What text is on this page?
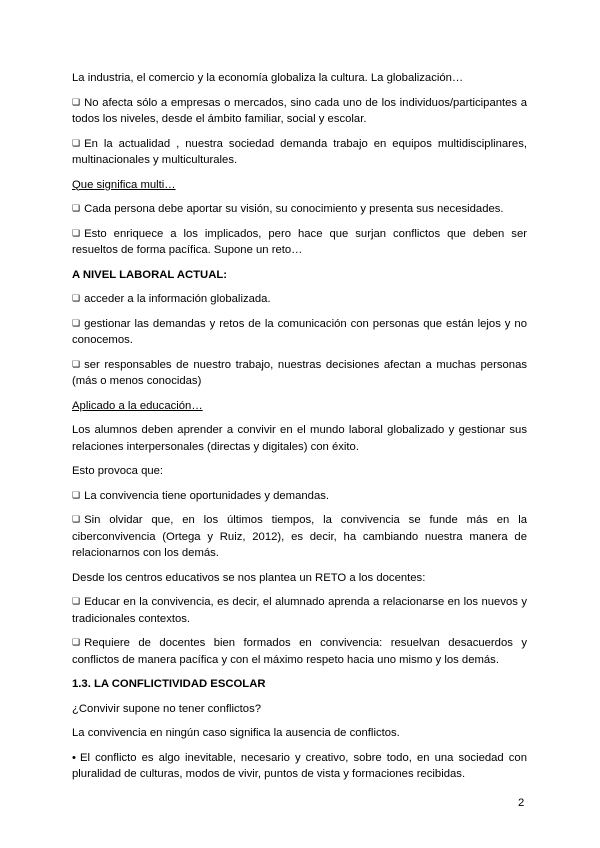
La industria, el comercio y la economía globaliza la cultura. La globalización…

❏ No afecta sólo a empresas o mercados, sino cada uno de los individuos/participantes a todos los niveles, desde el ámbito familiar, social y escolar.

❏ En la actualidad , nuestra sociedad demanda trabajo en equipos multidisciplinares, multinacionales y multiculturales.

Que significa multi…

❏ Cada persona debe aportar su visión, su conocimiento y presenta sus necesidades.

❏ Esto enriquece a los implicados, pero hace que surjan conflictos que deben ser resueltos de forma pacífica. Supone un reto…

A NIVEL LABORAL ACTUAL:

❏ acceder a la información globalizada.

❏ gestionar las demandas y retos de la comunicación con personas que están lejos y no conocemos.

❏ ser responsables de nuestro trabajo, nuestras decisiones afectan a muchas personas (más o menos conocidas)

Aplicado a la educación…

Los alumnos deben aprender a convivir en el mundo laboral globalizado y gestionar sus relaciones interpersonales (directas y digitales) con éxito.

Esto provoca que:

❏ La convivencia tiene oportunidades y demandas.

❏ Sin olvidar que, en los últimos tiempos, la convivencia se funde más en la ciberconvivencia (Ortega y Ruiz, 2012), es decir, ha cambiando nuestra manera de relacionarnos con los demás.

Desde los centros educativos se nos plantea un RETO a los docentes:

❏ Educar en la convivencia, es decir, el alumnado aprenda a relacionarse en los nuevos y tradicionales contextos.

❏ Requiere de docentes bien formados en convivencia: resuelvan desacuerdos y conflictos de manera pacífica y con el máximo respeto hacia uno mismo y los demás.

1.3. LA CONFLICTIVIDAD ESCOLAR

¿Convivir supone no tener conflictos?

La convivencia en ningún caso significa la ausencia de conflictos.

• El conflicto es algo inevitable, necesario y creativo, sobre todo, en una sociedad con pluralidad de culturas, modos de vivir, puntos de vista y formaciones recibidas.

2
